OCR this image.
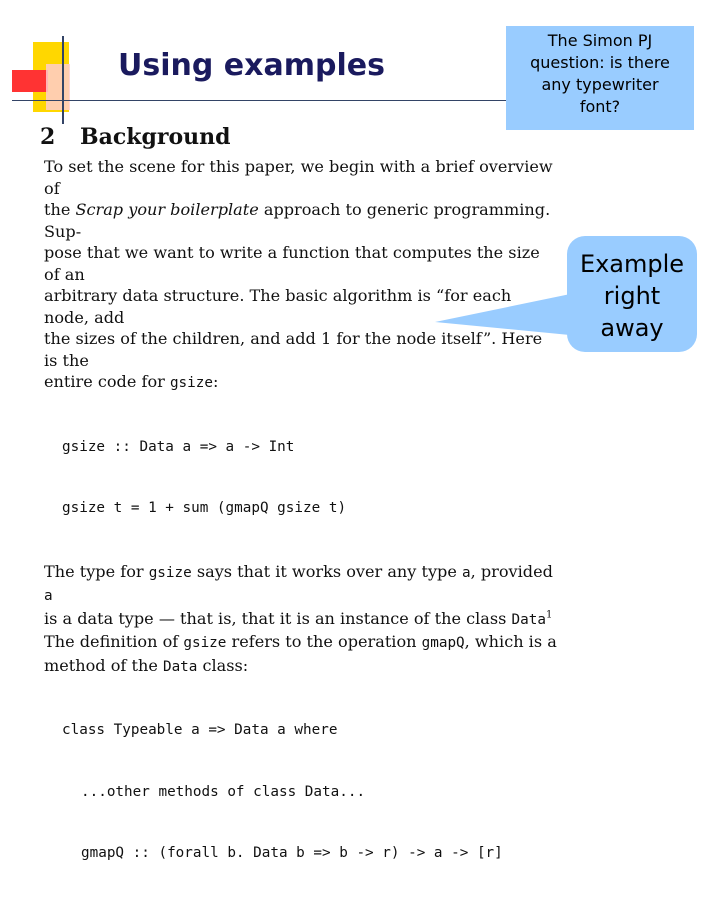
Using examples
The Simon PJ
question: is there
any typewriter
font?
2 Background
To set the scene for this paper, we begin with a brief overview of
the Scrap your boilerplate approach to generic programming. Sup-
pose that we want to write a function that computes the size of an
arbitrary data structure. The basic algorithm is “for each node, add
the sizes of the children, and add 1 for the node itself”. Here is the
entire code for gsize:

gsize :: Data a => a -> Int

gsize t = 1 + sum (gmapQ gsize t)

The type for gsize says that it works over any type a, provided a
is a data type — that is, that it is an instance of the class Data$^1$
The definition of gsize refers to the operation gmapQ, which is a
method of the Data class:

class Typeable a => Data a where

...other methods of class Data...

gmapQ :: (forall b. Data b => b -> r) -> a -> [r]

Example
right
away
